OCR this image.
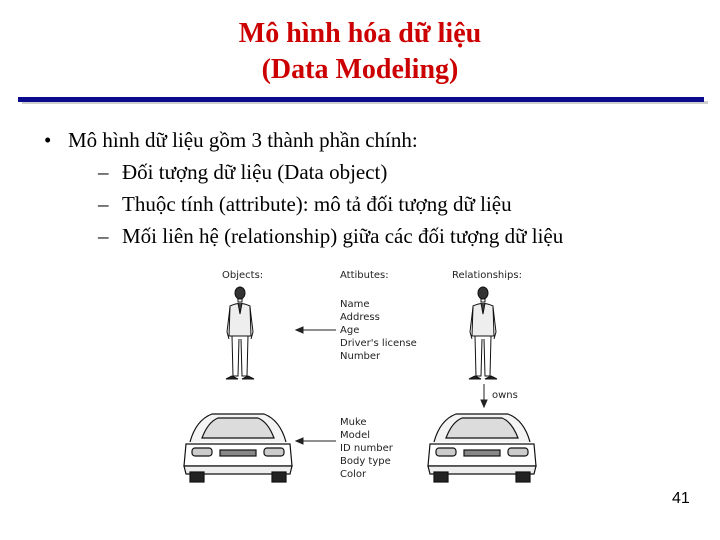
Mô hình hóa dữ liệu
(Data Modeling)
• Mô hình dữ liệu gồm 3 thành phần chính:
– Đối tượng dữ liệu (Data object)
– Thuộc tính (attribute): mô tả đối tượng dữ liệu
– Mối liên hệ (relationship) giữa các đối tượng dữ liệu
Objects:	Attibutes:	Relationships:
Name
Address
Age
Driver's license
Number
Muke
Model
ID number
Body type
Color
owns
41
